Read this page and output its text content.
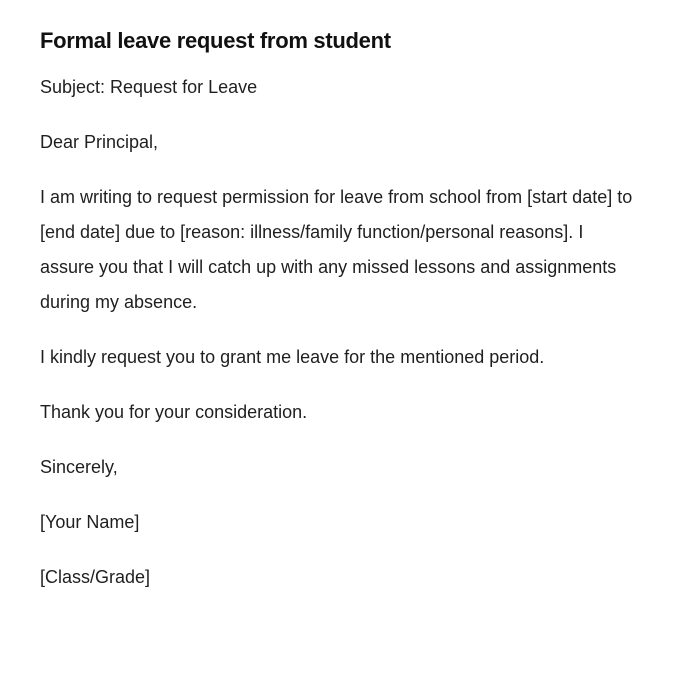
Formal leave request from student

Subject: Request for Leave

Dear Principal,

I am writing to request permission for leave from school from [start date] to [end date] due to [reason: illness/family function/personal reasons]. I assure you that I will catch up with any missed lessons and assignments during my absence.

I kindly request you to grant me leave for the mentioned period.

Thank you for your consideration.

Sincerely,

[Your Name]

[Class/Grade]
